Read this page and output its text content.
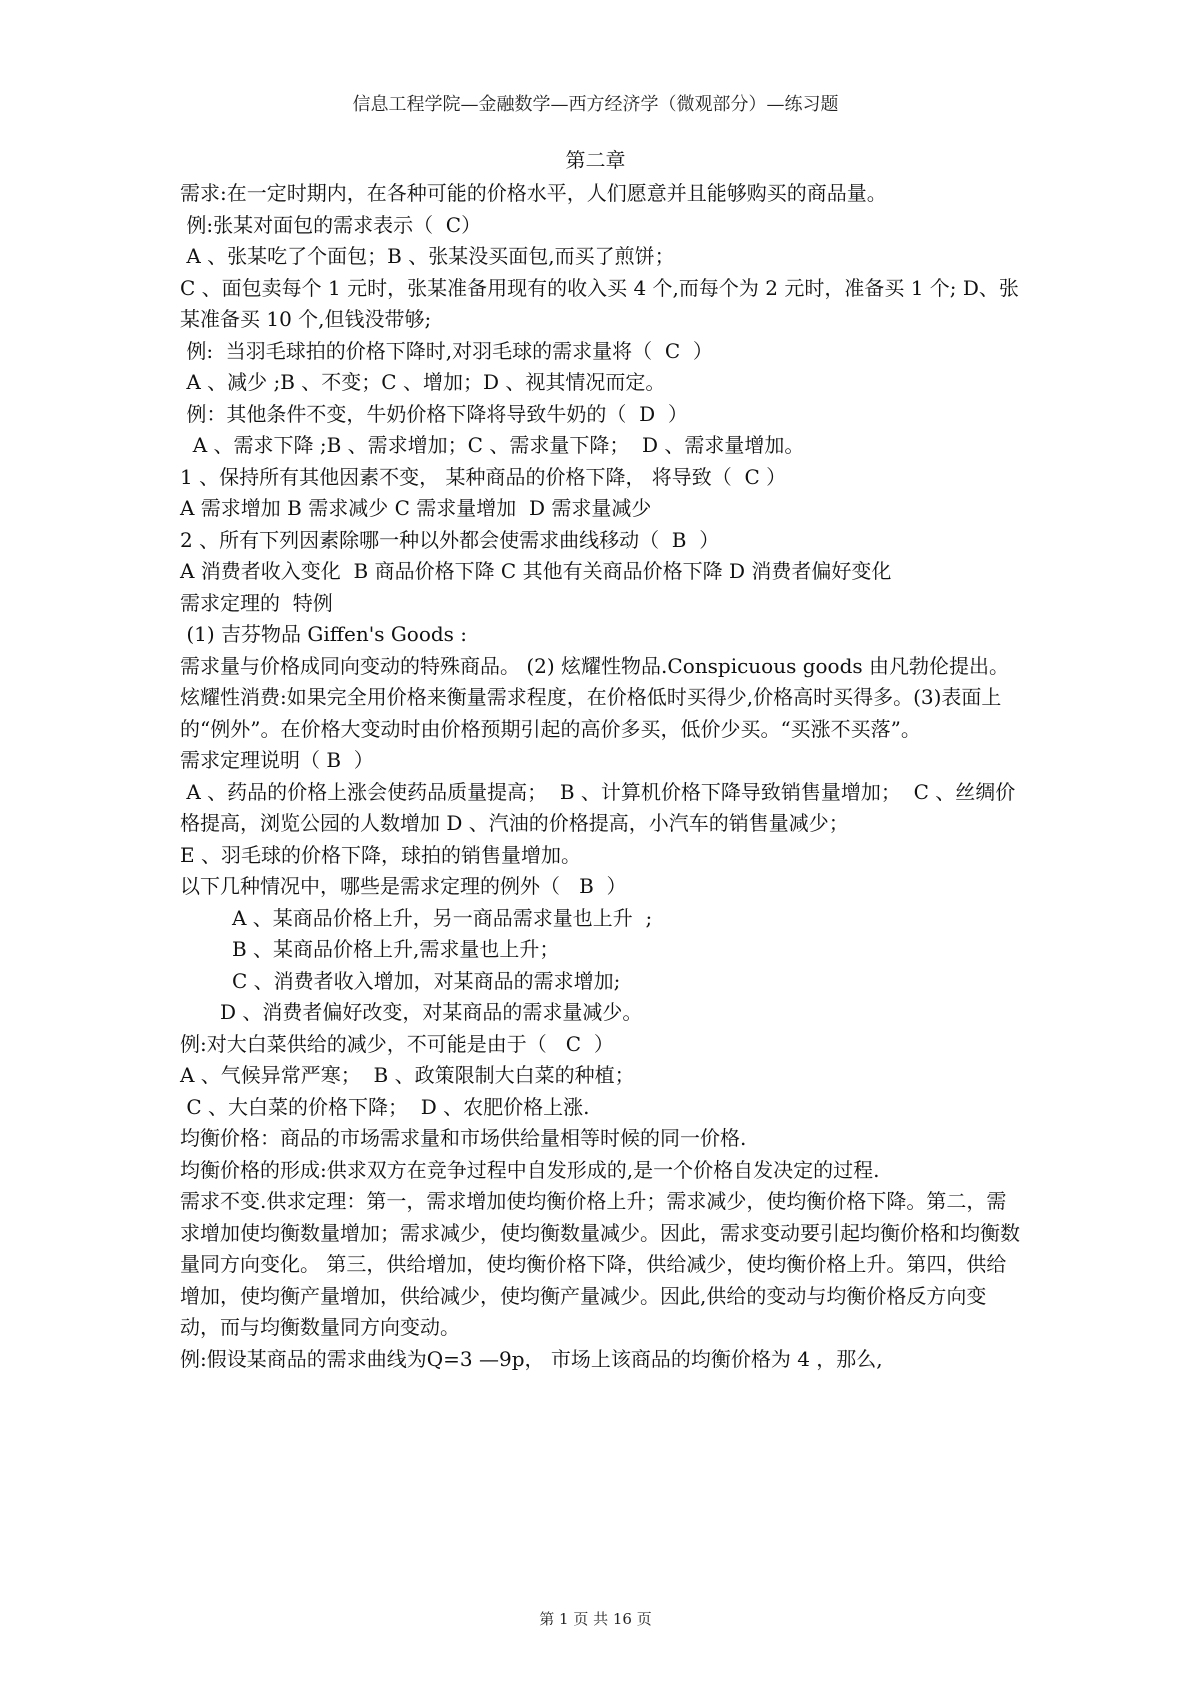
信息工程学院—金融数学—西方经济学（微观部分）—练习题
第二章

需求:在一定时期内，在各种可能的价格水平，人们愿意并且能够购买的商品量。

例:张某对面包的需求表示（  C）

A 、张某吃了个面包；B 、张某没买面包,而买了煎饼；

C 、面包卖每个 1 元时，张某准备用现有的收入买 4 个,而每个为 2 元时，准备买 1 个; D、张某准备买 10 个,但钱没带够;

例:  当羽毛球拍的价格下降时,对羽毛球的需求量将（  C  ）

A 、减少 ;B 、不变；C 、增加；D 、视其情况而定。

例：其他条件不变，牛奶价格下降将导致牛奶的（  D  ）

A 、需求下降 ;B 、需求增加；C 、需求量下降；  D 、需求量增加。

1 、保持所有其他因素不变， 某种商品的价格下降， 将导致（  C ）

A 需求增加 B 需求减少 C 需求量增加  D 需求量减少

2 、所有下列因素除哪一种以外都会使需求曲线移动（  B  ）

A 消费者收入变化  B 商品价格下降 C 其他有关商品价格下降 D 消费者偏好变化

需求定理的  特例

(1) 吉芬物品 Giffen's Goods :

需求量与价格成同向变动的特殊商品。 (2) 炫耀性物品.Conspicuous goods 由凡勃伦提出。炫耀性消费:如果完全用价格来衡量需求程度，在价格低时买得少,价格高时买得多。(3)表面上的“例外”。在价格大变动时由价格预期引起的高价多买，低价少买。“买涨不买落”。

需求定理说明（ B  ）

A 、药品的价格上涨会使药品质量提高；  B 、计算机价格下降导致销售量增加；  C 、丝绸价格提高，浏览公园的人数增加 D 、汽油的价格提高，小汽车的销售量减少；

E 、羽毛球的价格下降，球拍的销售量增加。

以下几种情况中，哪些是需求定理的例外（   B  ）

A 、某商品价格上升，另一商品需求量也上升  ;

B 、某商品价格上升,需求量也上升；

C 、消费者收入增加，对某商品的需求增加;

D 、消费者偏好改变，对某商品的需求量减少。

例:对大白菜供给的减少，不可能是由于（   C  ）

A 、气候异常严寒；  B 、政策限制大白菜的种植；

C 、大白菜的价格下降；  D 、农肥价格上涨.

均衡价格：商品的市场需求量和市场供给量相等时候的同一价格.

均衡价格的形成:供求双方在竞争过程中自发形成的,是一个价格自发决定的过程.

需求不变.供求定理：第一，需求增加使均衡价格上升；需求减少，使均衡价格下降。第二，需求增加使均衡数量增加；需求减少，使均衡数量减少。因此，需求变动要引起均衡价格和均衡数量同方向变化。 第三，供给增加，使均衡价格下降，供给减少，使均衡价格上升。第四，供给增加，使均衡产量增加，供给减少，使均衡产量减少。因此,供给的变动与均衡价格反方向变动，而与均衡数量同方向变动。

例:假设某商品的需求曲线为Q=3 —9p， 市场上该商品的均衡价格为 4 ，那么,

第 1 页 共 16 页
